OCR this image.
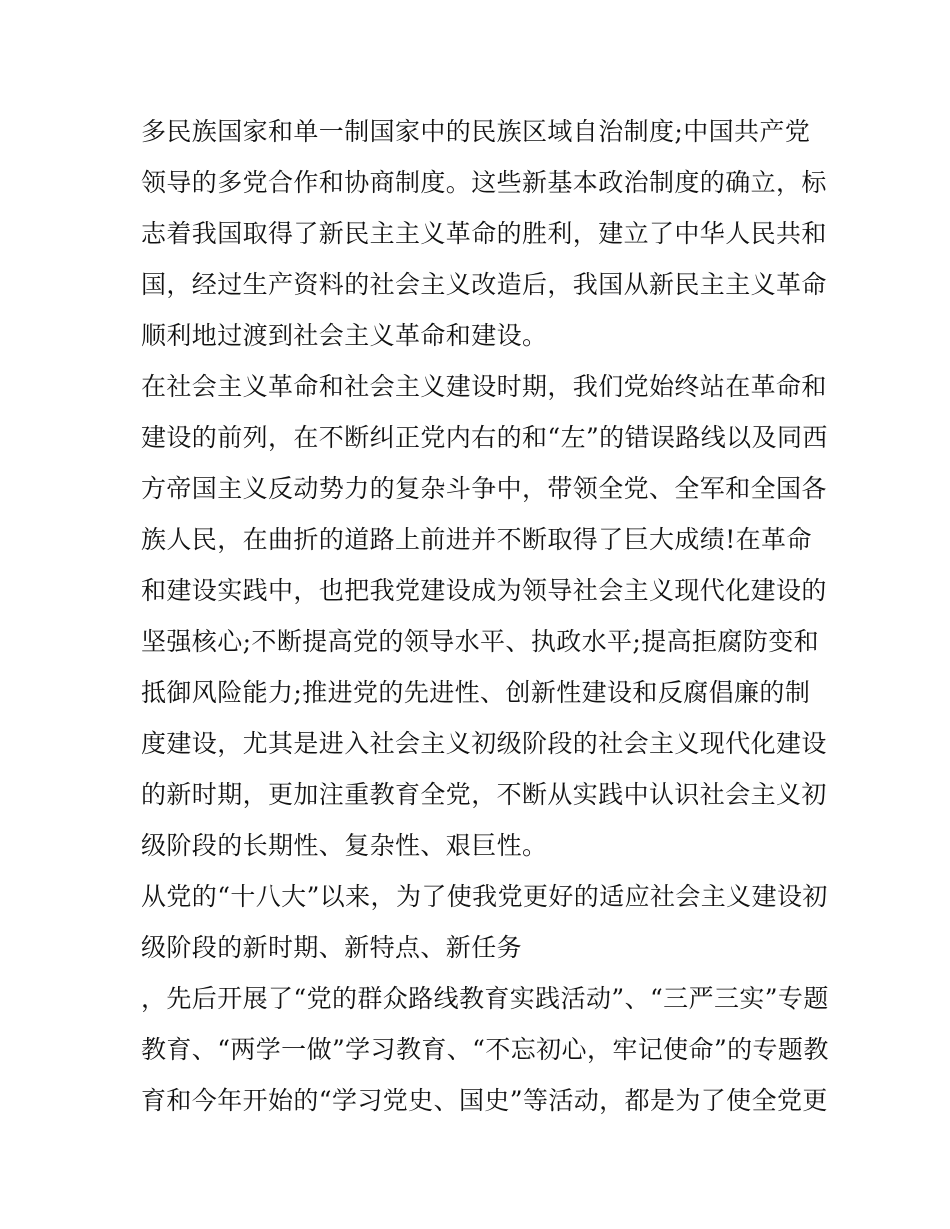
多民族国家和单一制国家中的民族区域自治制度;中国共产党
领导的多党合作和协商制度。这些新基本政治制度的确立，标
志着我国取得了新民主主义革命的胜利，建立了中华人民共和
国，经过生产资料的社会主义改造后，我国从新民主主义革命
顺利地过渡到社会主义革命和建设。
在社会主义革命和社会主义建设时期，我们党始终站在革命和
建设的前列，在不断纠正党内右的和“左”的错误路线以及同西
方帝国主义反动势力的复杂斗争中，带领全党、全军和全国各
族人民，在曲折的道路上前进并不断取得了巨大成绩!在革命
和建设实践中，也把我党建设成为领导社会主义现代化建设的
坚强核心;不断提高党的领导水平、执政水平;提高拒腐防变和
抵御风险能力;推进党的先进性、创新性建设和反腐倡廉的制
度建设，尤其是进入社会主义初级阶段的社会主义现代化建设
的新时期，更加注重教育全党，不断从实践中认识社会主义初
级阶段的长期性、复杂性、艰巨性。
从党的“十八大”以来，为了使我党更好的适应社会主义建设初
级阶段的新时期、新特点、新任务
，先后开展了“党的群众路线教育实践活动”、“三严三实”专题
教育、“两学一做”学习教育、“不忘初心，牢记使命”的专题教
育和今年开始的“学习党史、国史”等活动，都是为了使全党更
